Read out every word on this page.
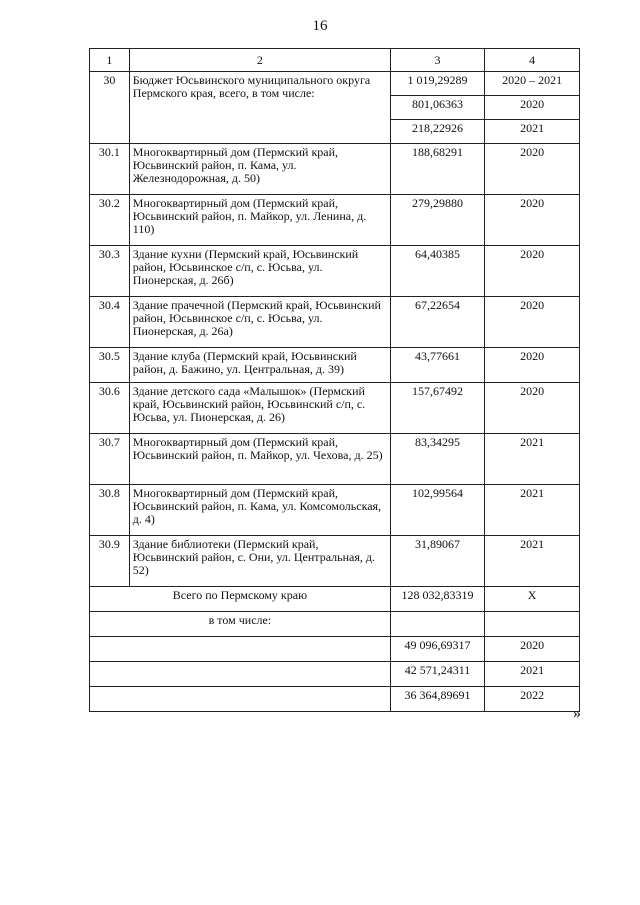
16
1	2	3	4
30	Бюджет Юсьвинского муниципального округа Пермского края, всего, в том числе:	1 019,29289	2020 – 2021
		801,06363	2020
		218,22926	2021
30.1	Многоквартирный дом (Пермский край, Юсьвинский район, п. Кама, ул. Железнодорожная, д. 50)	188,68291	2020
30.2	Многоквартирный дом (Пермский край, Юсьвинский район, п. Майкор, ул. Ленина, д. 110)	279,29880	2020
30.3	Здание кухни (Пермский край, Юсьвинский район, Юсьвинское с/п, с. Юсьва, ул. Пионерская, д. 26б)	64,40385	2020
30.4	Здание прачечной (Пермский край, Юсьвинский район, Юсьвинское с/п, с. Юсьва, ул. Пионерская, д. 26а)	67,22654	2020
30.5	Здание клуба (Пермский край, Юсьвинский район, д. Бажино, ул. Центральная, д. 39)	43,77661	2020
30.6	Здание детского сада «Малышок» (Пермский край, Юсьвинский район, Юсьвинский с/п, с. Юсьва, ул. Пионерская, д. 26)	157,67492	2020
30.7	Многоквартирный дом (Пермский край, Юсьвинский район, п. Майкор, ул. Чехова, д. 25)	83,34295	2021
30.8	Многоквартирный дом (Пермский край, Юсьвинский район, п. Кама, ул. Комсомольская, д. 4)	102,99564	2021
30.9	Здание библиотеки (Пермский край, Юсьвинский район, с. Они, ул. Центральная, д. 52)	31,89067	2021
Всего по Пермскому краю		128 032,83319	X
в том числе:			
		49 096,69317	2020
		42 571,24311	2021
		36 364,89691	2022
»
